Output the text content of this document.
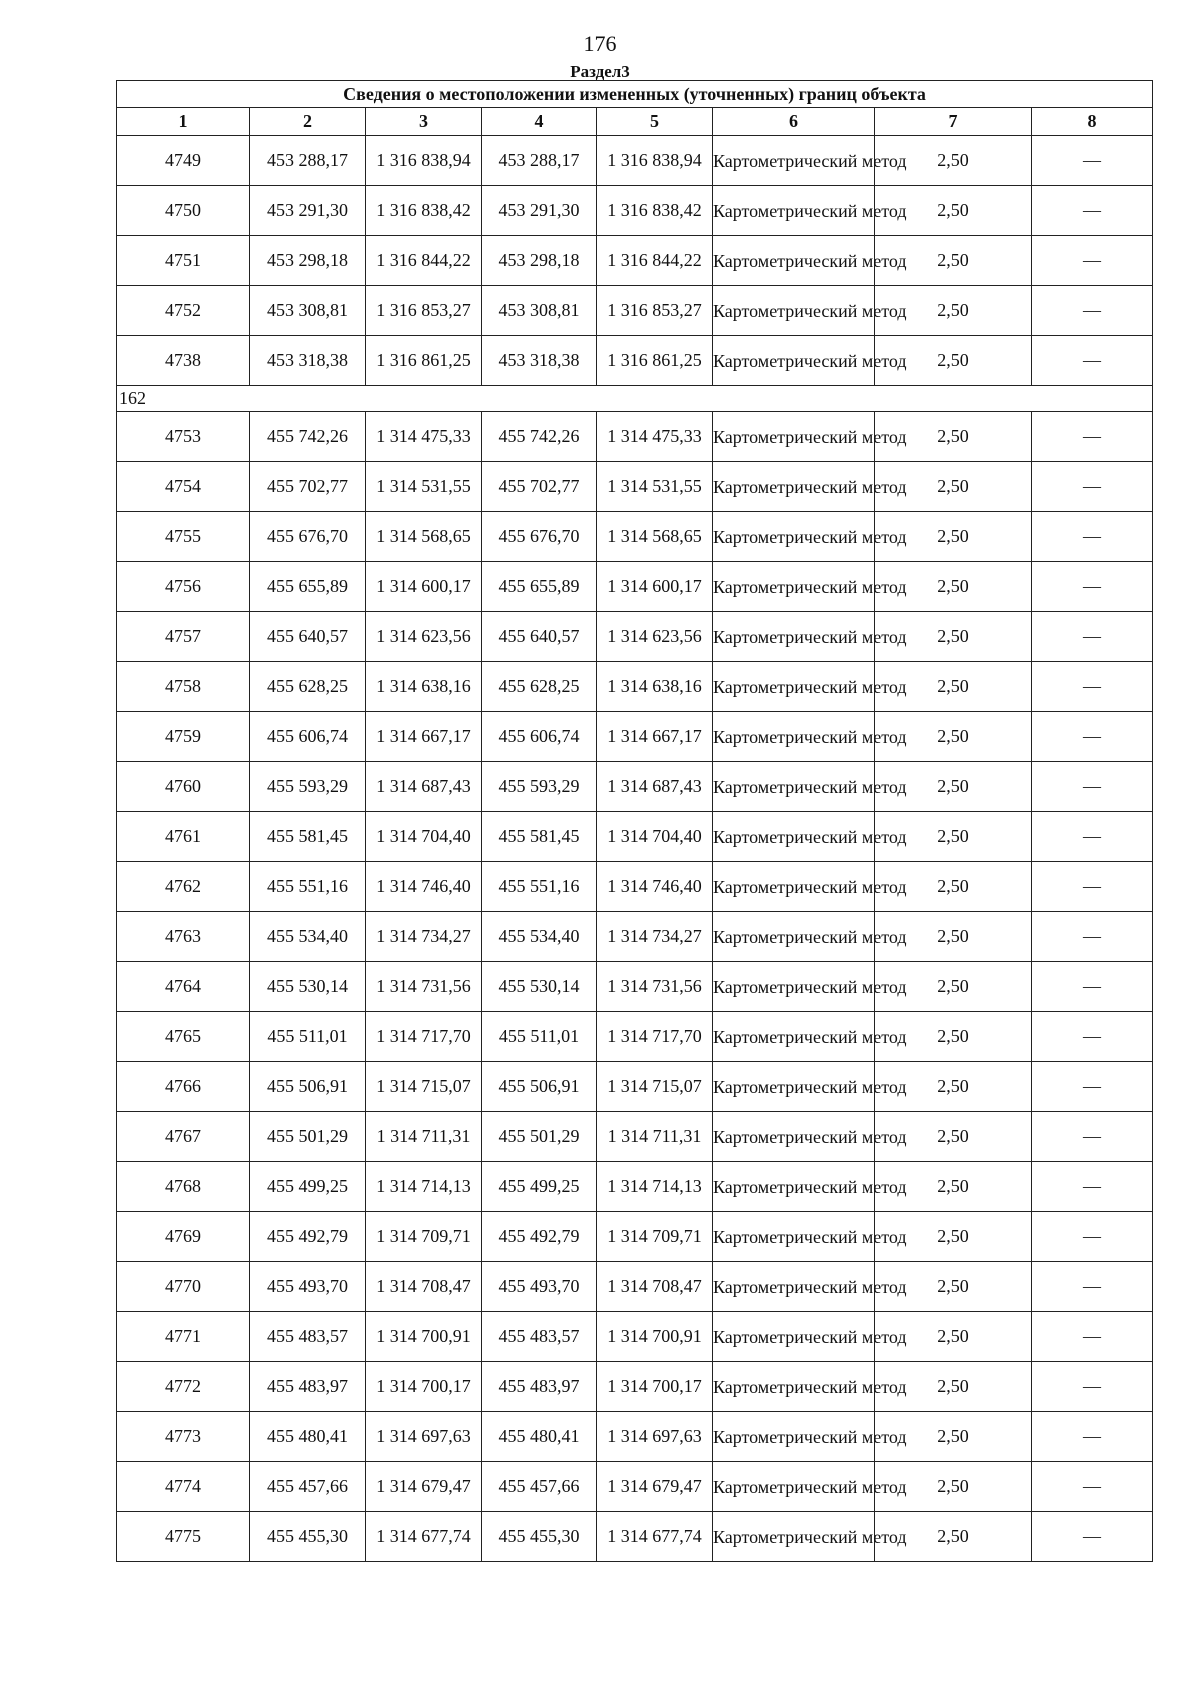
176
Раздел3
Сведения о местоположении измененных (уточненных) границ объекта							
1	2	3	4	5	6	7	8
4749	453 288,17	1 316 838,94	453 288,17	1 316 838,94	Картометрический метод	2,50	—
4750	453 291,30	1 316 838,42	453 291,30	1 316 838,42	Картометрический метод	2,50	—
4751	453 298,18	1 316 844,22	453 298,18	1 316 844,22	Картометрический метод	2,50	—
4752	453 308,81	1 316 853,27	453 308,81	1 316 853,27	Картометрический метод	2,50	—
4738	453 318,38	1 316 861,25	453 318,38	1 316 861,25	Картометрический метод	2,50	—
162							
4753	455 742,26	1 314 475,33	455 742,26	1 314 475,33	Картометрический метод	2,50	—
4754	455 702,77	1 314 531,55	455 702,77	1 314 531,55	Картометрический метод	2,50	—
4755	455 676,70	1 314 568,65	455 676,70	1 314 568,65	Картометрический метод	2,50	—
4756	455 655,89	1 314 600,17	455 655,89	1 314 600,17	Картометрический метод	2,50	—
4757	455 640,57	1 314 623,56	455 640,57	1 314 623,56	Картометрический метод	2,50	—
4758	455 628,25	1 314 638,16	455 628,25	1 314 638,16	Картометрический метод	2,50	—
4759	455 606,74	1 314 667,17	455 606,74	1 314 667,17	Картометрический метод	2,50	—
4760	455 593,29	1 314 687,43	455 593,29	1 314 687,43	Картометрический метод	2,50	—
4761	455 581,45	1 314 704,40	455 581,45	1 314 704,40	Картометрический метод	2,50	—
4762	455 551,16	1 314 746,40	455 551,16	1 314 746,40	Картометрический метод	2,50	—
4763	455 534,40	1 314 734,27	455 534,40	1 314 734,27	Картометрический метод	2,50	—
4764	455 530,14	1 314 731,56	455 530,14	1 314 731,56	Картометрический метод	2,50	—
4765	455 511,01	1 314 717,70	455 511,01	1 314 717,70	Картометрический метод	2,50	—
4766	455 506,91	1 314 715,07	455 506,91	1 314 715,07	Картометрический метод	2,50	—
4767	455 501,29	1 314 711,31	455 501,29	1 314 711,31	Картометрический метод	2,50	—
4768	455 499,25	1 314 714,13	455 499,25	1 314 714,13	Картометрический метод	2,50	—
4769	455 492,79	1 314 709,71	455 492,79	1 314 709,71	Картометрический метод	2,50	—
4770	455 493,70	1 314 708,47	455 493,70	1 314 708,47	Картометрический метод	2,50	—
4771	455 483,57	1 314 700,91	455 483,57	1 314 700,91	Картометрический метод	2,50	—
4772	455 483,97	1 314 700,17	455 483,97	1 314 700,17	Картометрический метод	2,50	—
4773	455 480,41	1 314 697,63	455 480,41	1 314 697,63	Картометрический метод	2,50	—
4774	455 457,66	1 314 679,47	455 457,66	1 314 679,47	Картометрический метод	2,50	—
4775	455 455,30	1 314 677,74	455 455,30	1 314 677,74	Картометрический метод	2,50	—
